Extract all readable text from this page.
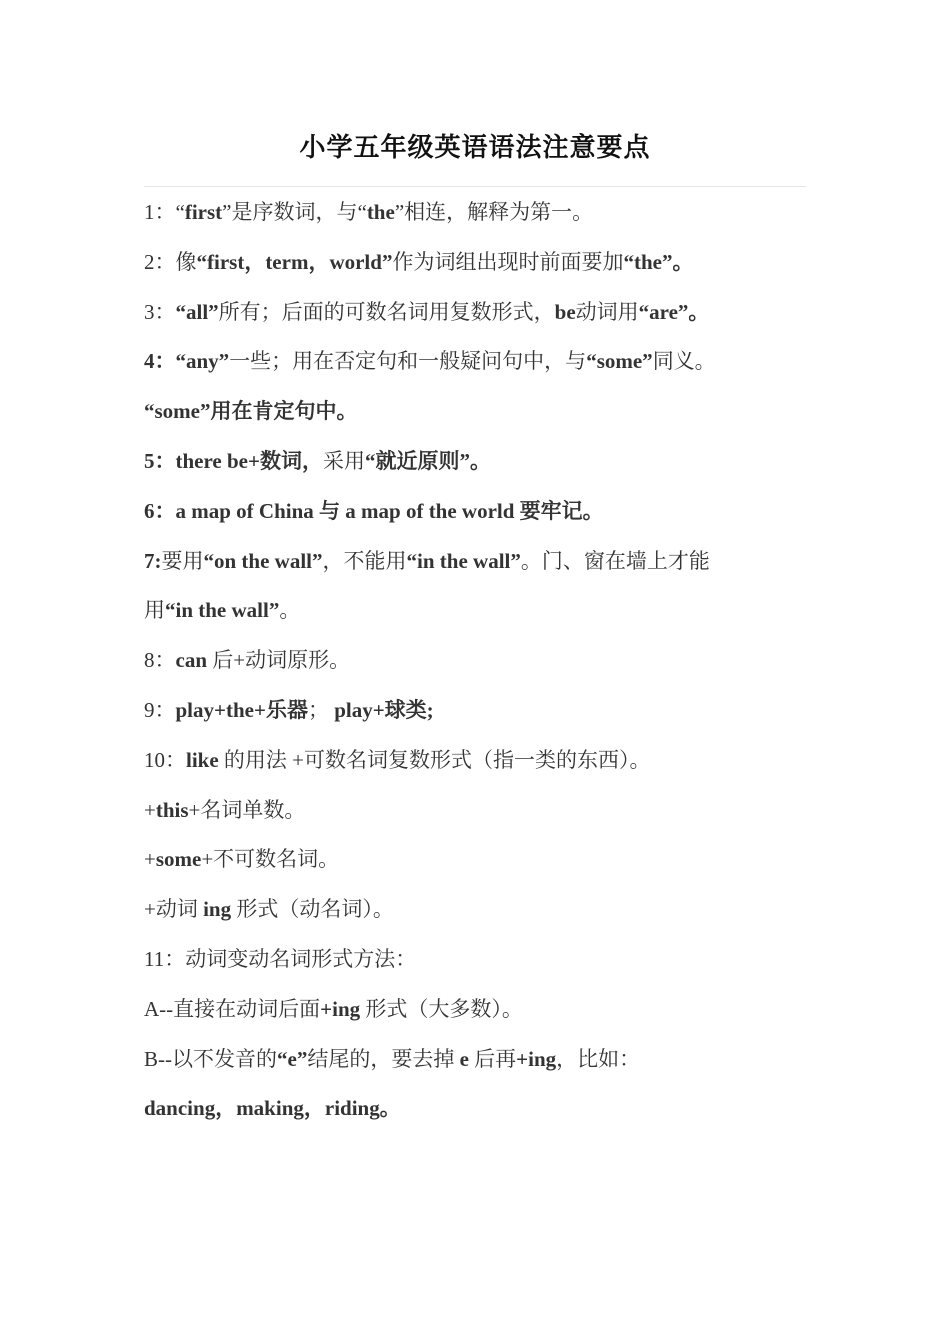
小学五年级英语语法注意要点
1：“first”是序数词，与“the”相连，解释为第一。
2：像“first，term，world”作为词组出现时前面要加“the”。
3：“all”所有；后面的可数名词用复数形式，be动词用“are”。
4：“any”一些；用在否定句和一般疑问句中，与“some”同义。
“some”用在肯定句中。
5：there be+数词，采用“就近原则”。
6：a map of China 与 a map of the world 要牢记。
7:要用“on the wall”，不能用“in the wall”。门、窗在墙上才能
用“in the wall”。
8：can 后+动词原形。
9：play+the+乐器； play+球类;
10：like 的用法 +可数名词复数形式（指一类的东西）。
+this+名词单数。
+some+不可数名词。
+动词 ing 形式（动名词）。
11：动词变动名词形式方法：
A--直接在动词后面+ing 形式（大多数）。
B--以不发音的“e”结尾的，要去掉 e 后再+ing，比如：
dancing，making，riding。
